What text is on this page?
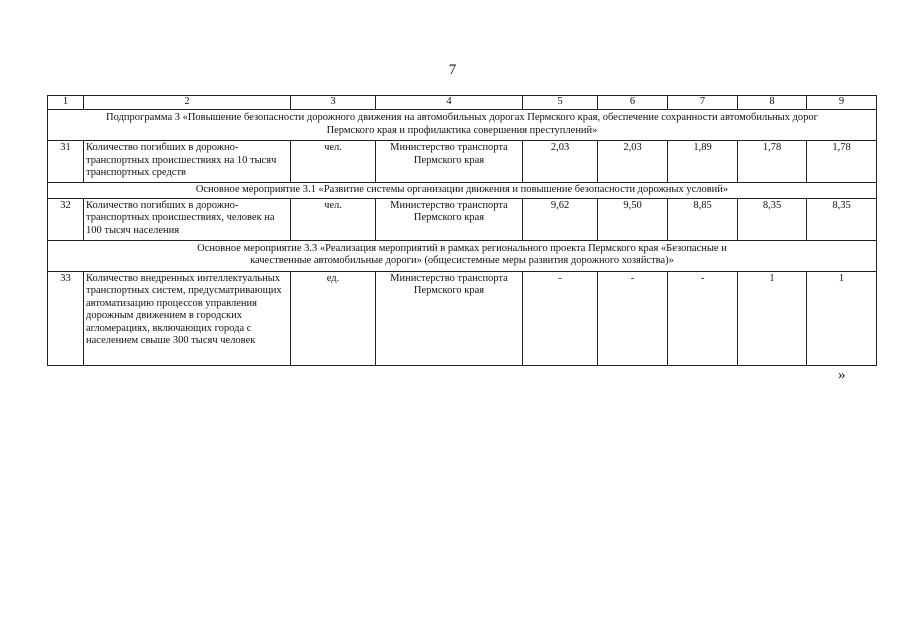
7
1	2	3	4	5	6	7	8	9
Подпрограмма 3 «Повышение безопасности дорожного движения на автомобильных дорогах Пермского края, обеспечение сохранности автомобильных дорог Пермского края и профилактика совершения преступлений»								
31	Количество погибших в дорожно-транспортных происшествиях на 10 тысяч транспортных средств	чел.	Министерство транспорта Пермского края	2,03	2,03	1,89	1,78	1,78
Основное мероприятие 3.1 «Развитие системы организации движения и повышение безопасности дорожных условий»								
32	Количество погибших в дорожно-транспортных происшествиях, человек на 100 тысяч населения	чел.	Министерство транспорта Пермского края	9,62	9,50	8,85	8,35	8,35
Основное мероприятие 3.3 «Реализация мероприятий в рамках регионального проекта Пермского края «Безопасные и качественные автомобильные дороги» (общесистемные меры развития дорожного хозяйства)»								
33	Количество внедренных интеллектуальных транспортных систем, предусматривающих автоматизацию процессов управления дорожным движением в городских агломерациях, включающих города с населением свыше 300 тысяч человек	ед.	Министерство транспорта Пермского края	-	-	-	1	1
»
